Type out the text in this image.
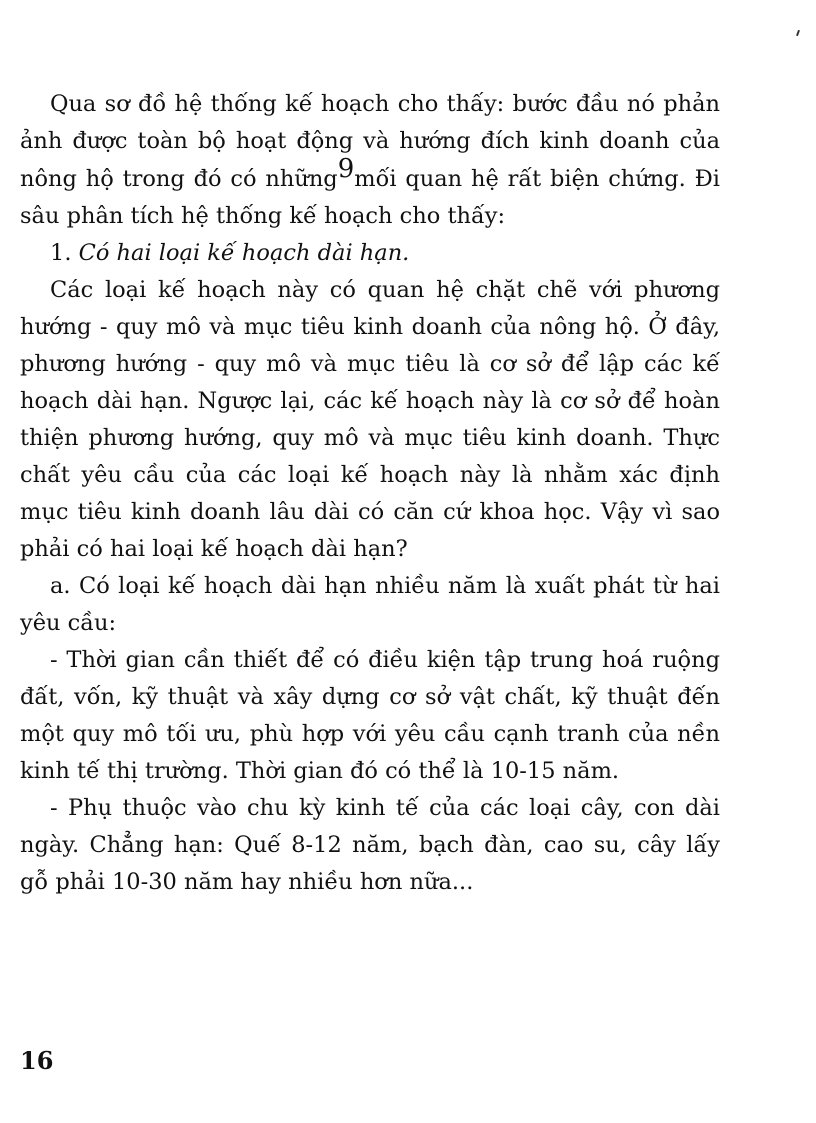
Qua sơ đồ hệ thống kế hoạch cho thấy: bước đầu nó phản ảnh được toàn bộ hoạt động và hướng đích kinh doanh của nông hộ trong đó có những9mối quan hệ rất biện chứng. Đi sâu phân tích hệ thống kế hoạch cho thấy:

1. Có hai loại kế hoạch dài hạn.

Các loại kế hoạch này có quan hệ chặt chẽ với phương hướng - quy mô và mục tiêu kinh doanh của nông hộ. Ở đây, phương hướng - quy mô và mục tiêu là cơ sở để lập các kế hoạch dài hạn. Ngược lại, các kế hoạch này là cơ sở để hoàn thiện phương hướng, quy mô và mục tiêu kinh doanh. Thực chất yêu cầu của các loại kế hoạch này là nhằm xác định mục tiêu kinh doanh lâu dài có căn cứ khoa học. Vậy vì sao phải có hai loại kế hoạch dài hạn?

a. Có loại kế hoạch dài hạn nhiều năm là xuất phát từ hai yêu cầu:

- Thời gian cần thiết để có điều kiện tập trung hoá ruộng đất, vốn, kỹ thuật và xây dựng cơ sở vật chất, kỹ thuật đến một quy mô tối ưu, phù hợp với yêu cầu cạnh tranh của nền kinh tế thị trường. Thời gian đó có thể là 10-15 năm.

- Phụ thuộc vào chu kỳ kinh tế của các loại cây, con dài ngày. Chẳng hạn: Quế 8-12 năm, bạch đàn, cao su, cây lấy gỗ phải 10-30 năm hay nhiều hơn nữa...

16
